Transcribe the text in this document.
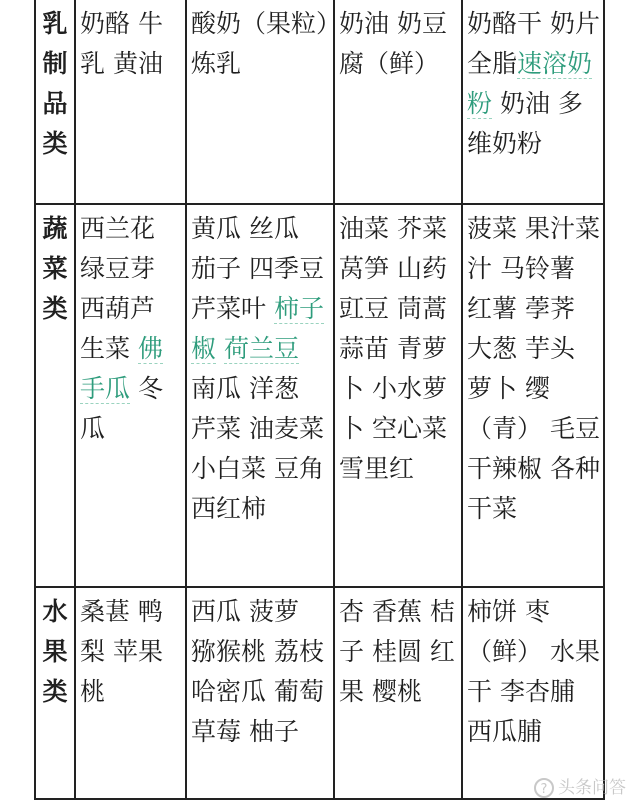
乳
制
品
类	奶酪 牛乳 黄油	酸奶（果粒）炼乳	奶油 奶豆腐（鲜）	奶酪干 奶片 全脂速溶奶粉 奶油 多维奶粉

蔬
菜
类	西兰花 绿豆芽 西葫芦 生菜 佛手瓜 冬瓜	黄瓜 丝瓜 茄子 四季豆 芹菜叶 柿子椒 荷兰豆 南瓜 洋葱 芹菜 油麦菜 小白菜 豆角 西红柿	油菜 芥菜 莴笋 山药 豇豆 茼蒿 蒜苗 青萝卜 小水萝卜 空心菜 雪里红	菠菜 果汁菜汁 马铃薯 红薯 荸荠 大葱 芋头 萝卜 缨（青） 毛豆 干辣椒 各种干菜

水
果
类	桑葚 鸭梨 苹果 桃	西瓜 菠萝 猕猴桃 荔枝 哈密瓜 葡萄 草莓 柚子	杏 香蕉 桔子 桂圆 红果 樱桃	柿饼 枣（鲜） 水果干 李杏脯 西瓜脯
? 头条问答
